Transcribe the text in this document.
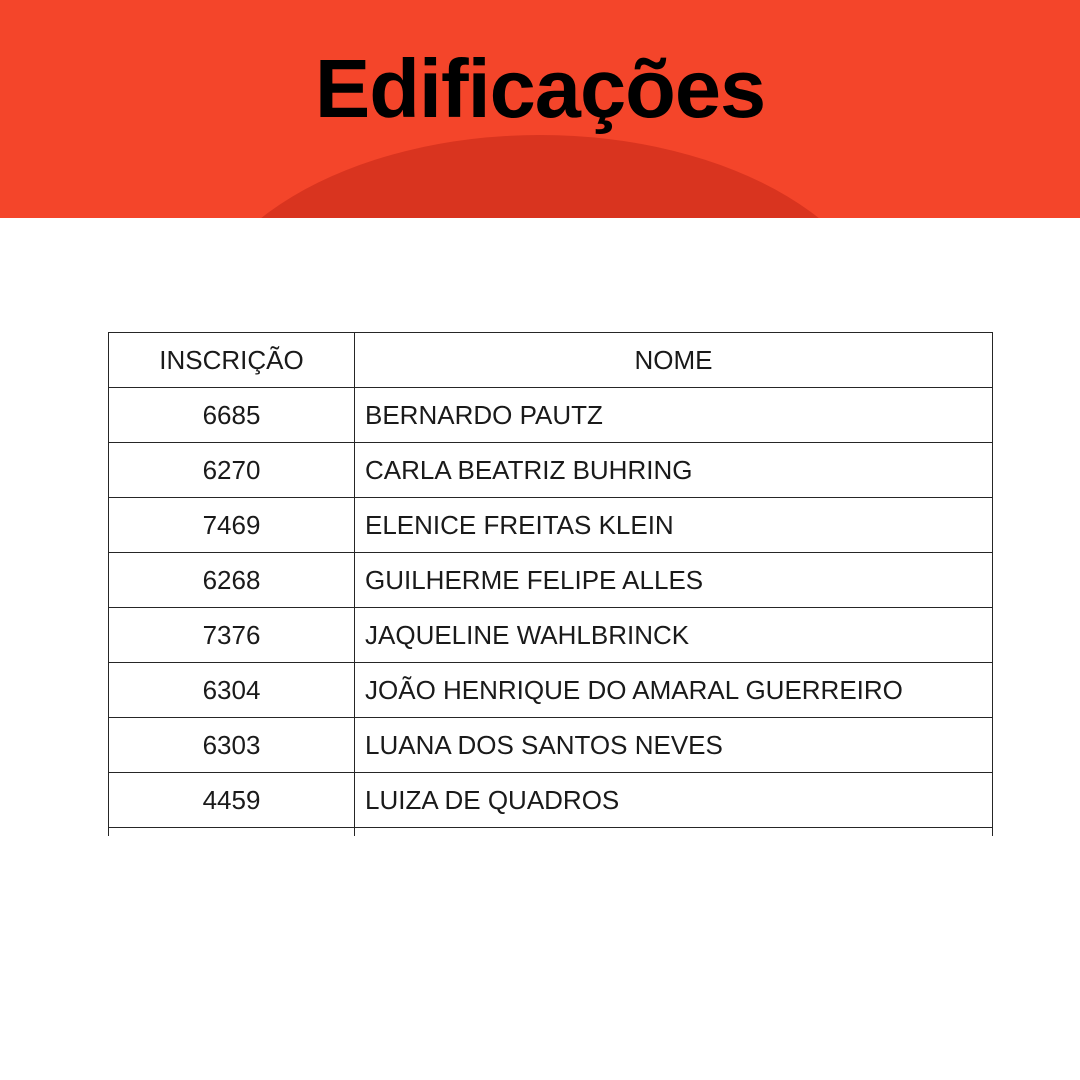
Edificações
INSCRIÇÃO	NOME
6685	BERNARDO PAUTZ
6270	CARLA BEATRIZ BUHRING
7469	ELENICE FREITAS KLEIN
6268	GUILHERME FELIPE ALLES
7376	JAQUELINE WAHLBRINCK
6304	JOÃO HENRIQUE DO AMARAL GUERREIRO
6303	LUANA DOS SANTOS NEVES
4459	LUIZA DE QUADROS
